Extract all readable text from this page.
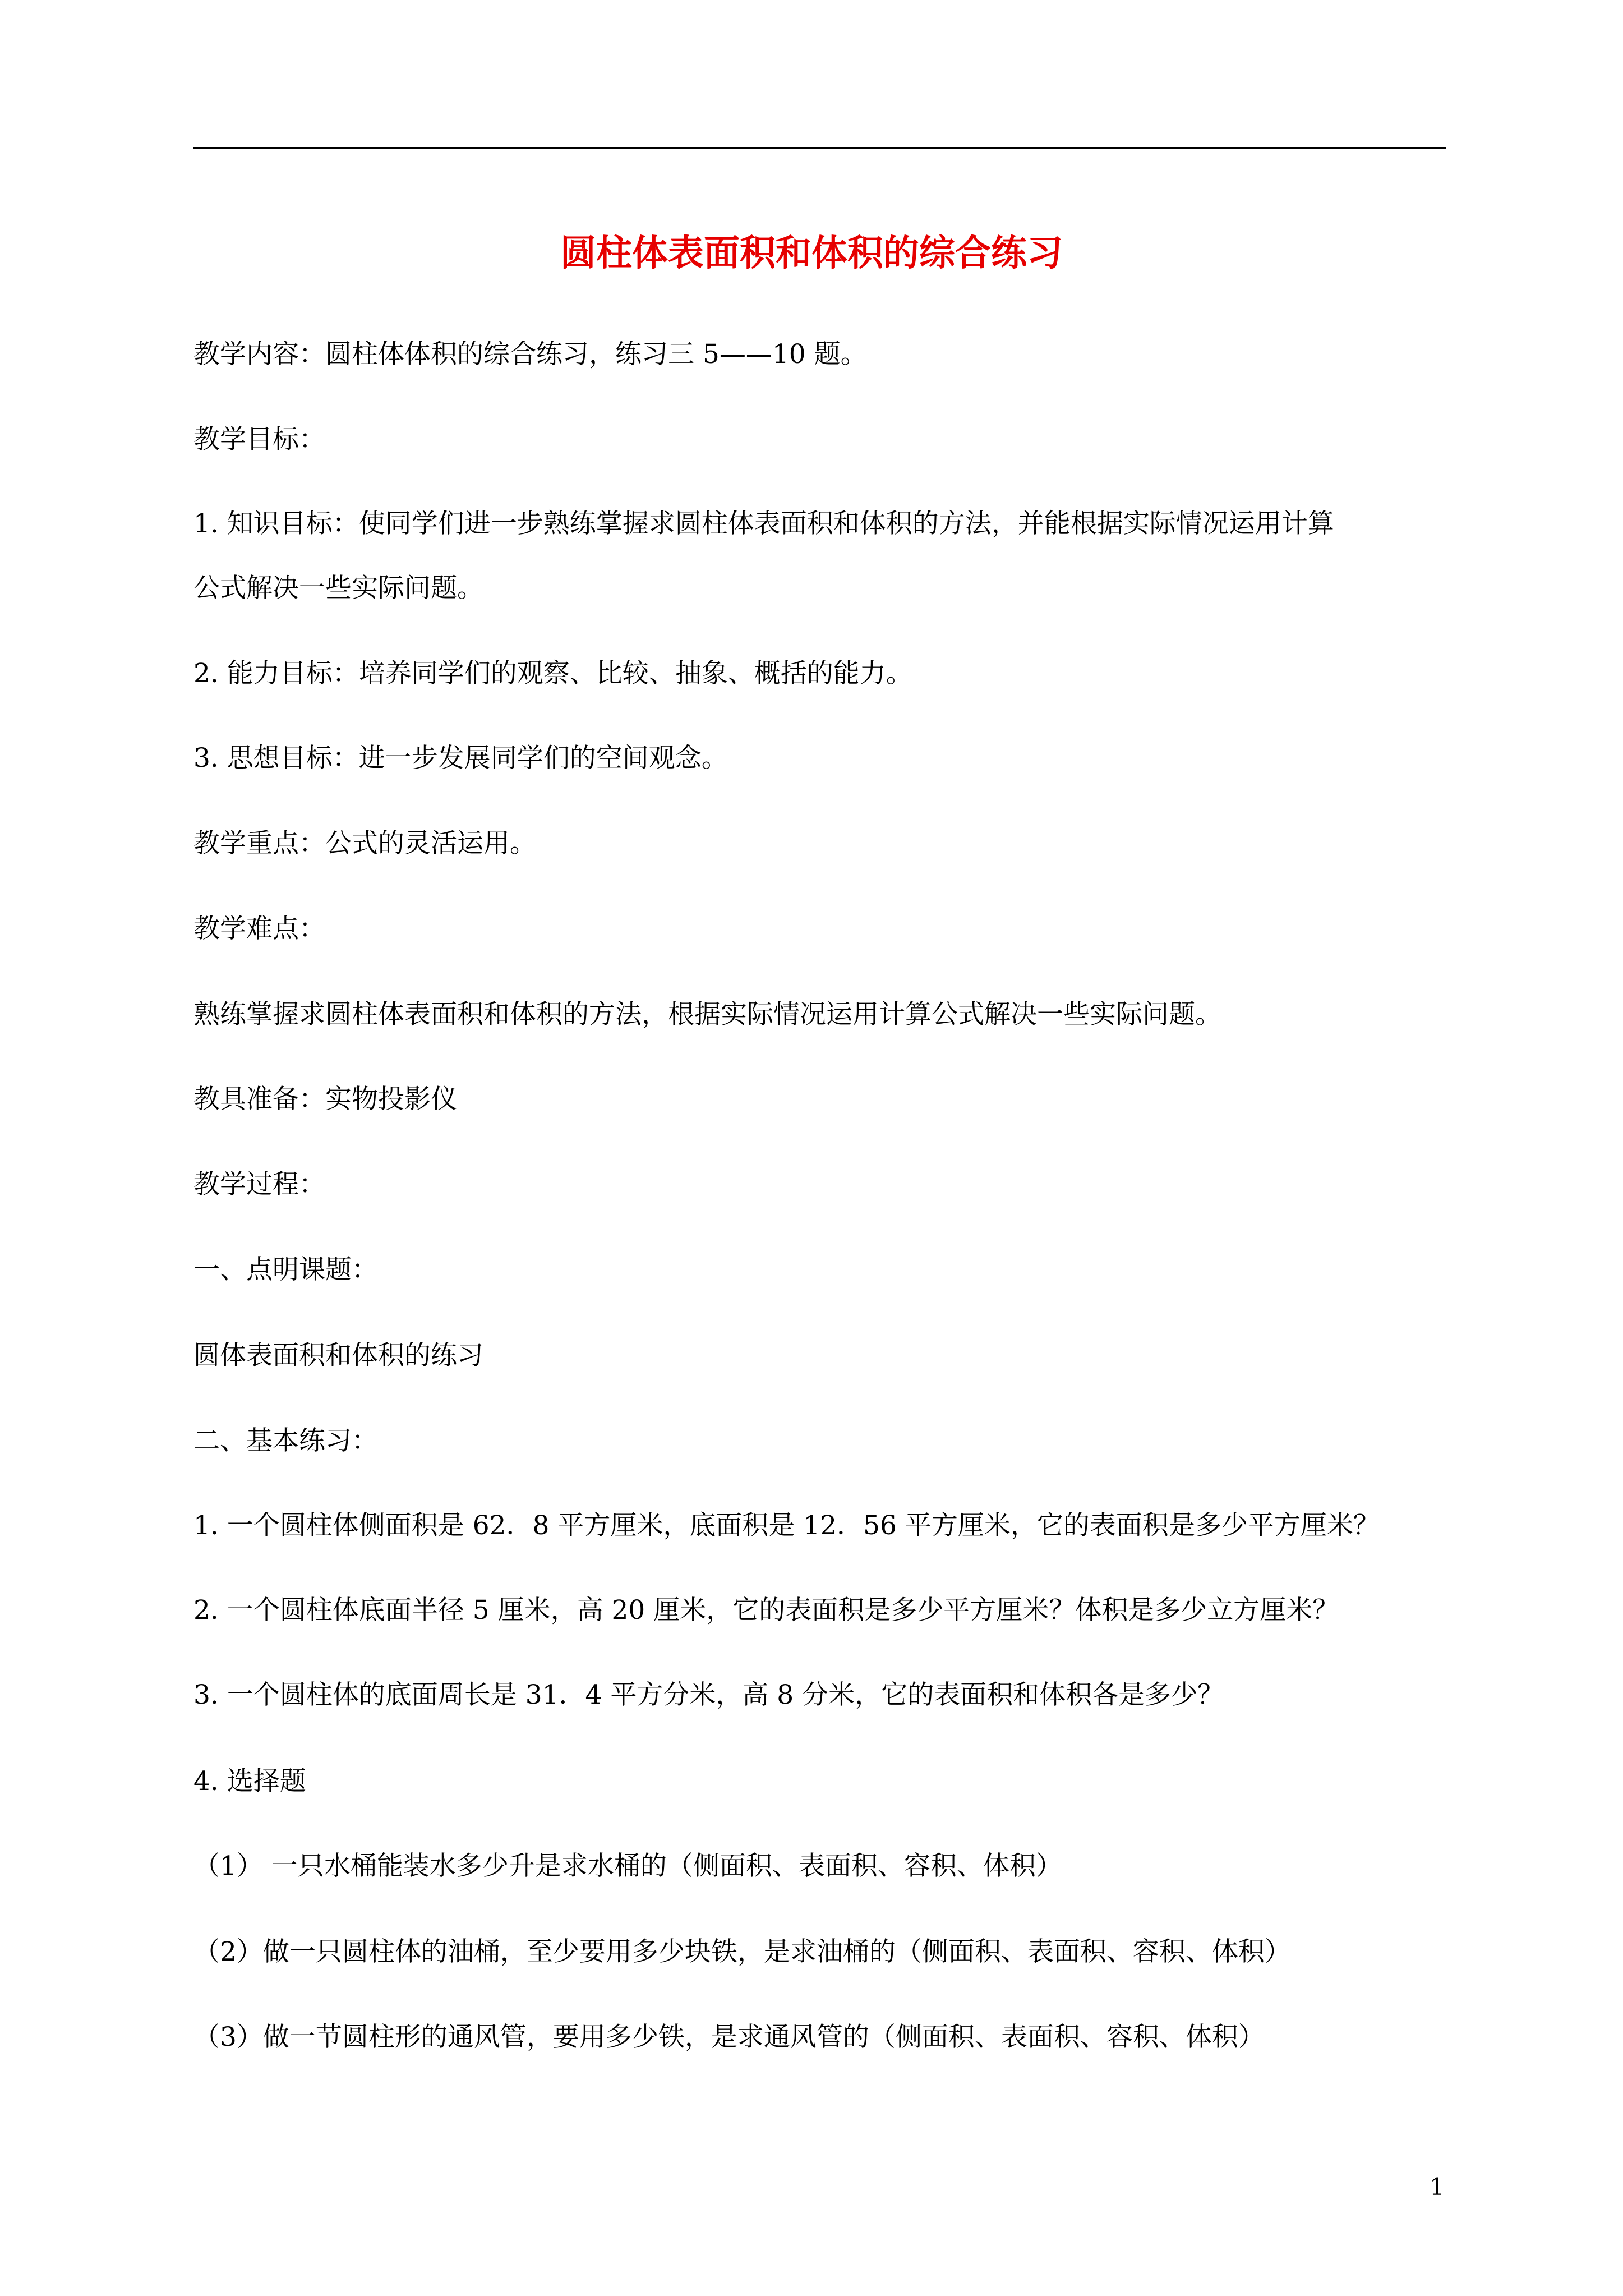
圆柱体表面积和体积的综合练习
教学内容：圆柱体体积的综合练习，练习三 5——10 题。
教学目标：
1. 知识目标：使同学们进一步熟练掌握求圆柱体表面积和体积的方法，并能根据实际情况运用计算
公式解决一些实际问题。
2. 能力目标：培养同学们的观察、比较、抽象、概括的能力。
3. 思想目标：进一步发展同学们的空间观念。
教学重点：公式的灵活运用。
教学难点：
熟练掌握求圆柱体表面积和体积的方法，根据实际情况运用计算公式解决一些实际问题。
教具准备：实物投影仪
教学过程：
一、点明课题：
圆体表面积和体积的练习
二、基本练习：
1. 一个圆柱体侧面积是 62．8 平方厘米，底面积是 12．56 平方厘米，它的表面积是多少平方厘米？
2. 一个圆柱体底面半径 5 厘米，高 20 厘米，它的表面积是多少平方厘米？体积是多少立方厘米？
3. 一个圆柱体的底面周长是 31．4 平方分米，高 8 分米，它的表面积和体积各是多少？
4. 选择题
（1） 一只水桶能装水多少升是求水桶的（侧面积、表面积、容积、体积）
（2）做一只圆柱体的油桶，至少要用多少块铁，是求油桶的（侧面积、表面积、容积、体积）
（3）做一节圆柱形的通风管，要用多少铁，是求通风管的（侧面积、表面积、容积、体积）
1
